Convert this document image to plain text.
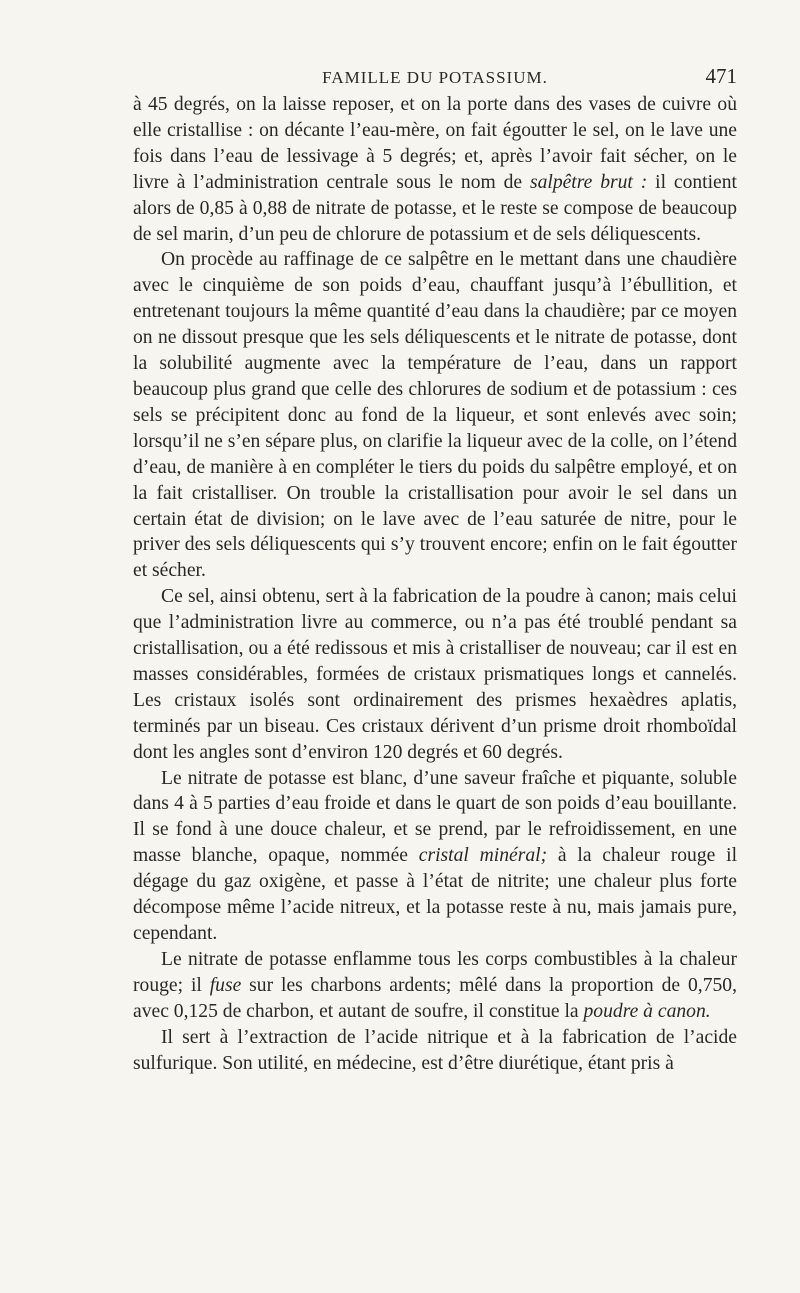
FAMILLE DU POTASSIUM.	471

à 45 degrés, on la laisse reposer, et on la porte dans des vases de cuivre où elle cristallise : on décante l’eau-mère, on fait égoutter le sel, on le lave une fois dans l’eau de lessivage à 5 degrés; et, après l’avoir fait sécher, on le livre à l’administration centrale sous le nom de salpêtre brut : il contient alors de 0,85 à 0,88 de nitrate de potasse, et le reste se compose de beaucoup de sel marin, d’un peu de chlorure de potassium et de sels déliquescents.

On procède au raffinage de ce salpêtre en le mettant dans une chaudière avec le cinquième de son poids d’eau, chauffant jusqu’à l’ébullition, et entretenant toujours la même quantité d’eau dans la chaudière; par ce moyen on ne dissout presque que les sels déliquescents et le nitrate de potasse, dont la solubilité augmente avec la température de l’eau, dans un rapport beaucoup plus grand que celle des chlorures de sodium et de potassium : ces sels se précipitent donc au fond de la liqueur, et sont enlevés avec soin; lorsqu’il ne s’en sépare plus, on clarifie la liqueur avec de la colle, on l’étend d’eau, de manière à en compléter le tiers du poids du salpêtre employé, et on la fait cristalliser. On trouble la cristallisation pour avoir le sel dans un certain état de division; on le lave avec de l’eau saturée de nitre, pour le priver des sels déliquescents qui s’y trouvent encore; enfin on le fait égoutter et sécher.

Ce sel, ainsi obtenu, sert à la fabrication de la poudre à canon; mais celui que l’administration livre au commerce, ou n’a pas été troublé pendant sa cristallisation, ou a été redissous et mis à cristalliser de nouveau; car il est en masses considérables, formées de cristaux prismatiques longs et cannelés. Les cristaux isolés sont ordinairement des prismes hexaèdres aplatis, terminés par un biseau. Ces cristaux dérivent d’un prisme droit rhomboïdal dont les angles sont d’environ 120 degrés et 60 degrés.

Le nitrate de potasse est blanc, d’une saveur fraîche et piquante, soluble dans 4 à 5 parties d’eau froide et dans le quart de son poids d’eau bouillante. Il se fond à une douce chaleur, et se prend, par le refroidissement, en une masse blanche, opaque, nommée cristal minéral; à la chaleur rouge il dégage du gaz oxigène, et passe à l’état de nitrite; une chaleur plus forte décompose même l’acide nitreux, et la potasse reste à nu, mais jamais pure, cependant.

Le nitrate de potasse enflamme tous les corps combustibles à la chaleur rouge; il fuse sur les charbons ardents; mêlé dans la proportion de 0,750, avec 0,125 de charbon, et autant de soufre, il constitue la poudre à canon.

Il sert à l’extraction de l’acide nitrique et à la fabrication de l’acide sulfurique. Son utilité, en médecine, est d’être diurétique, étant pris à
